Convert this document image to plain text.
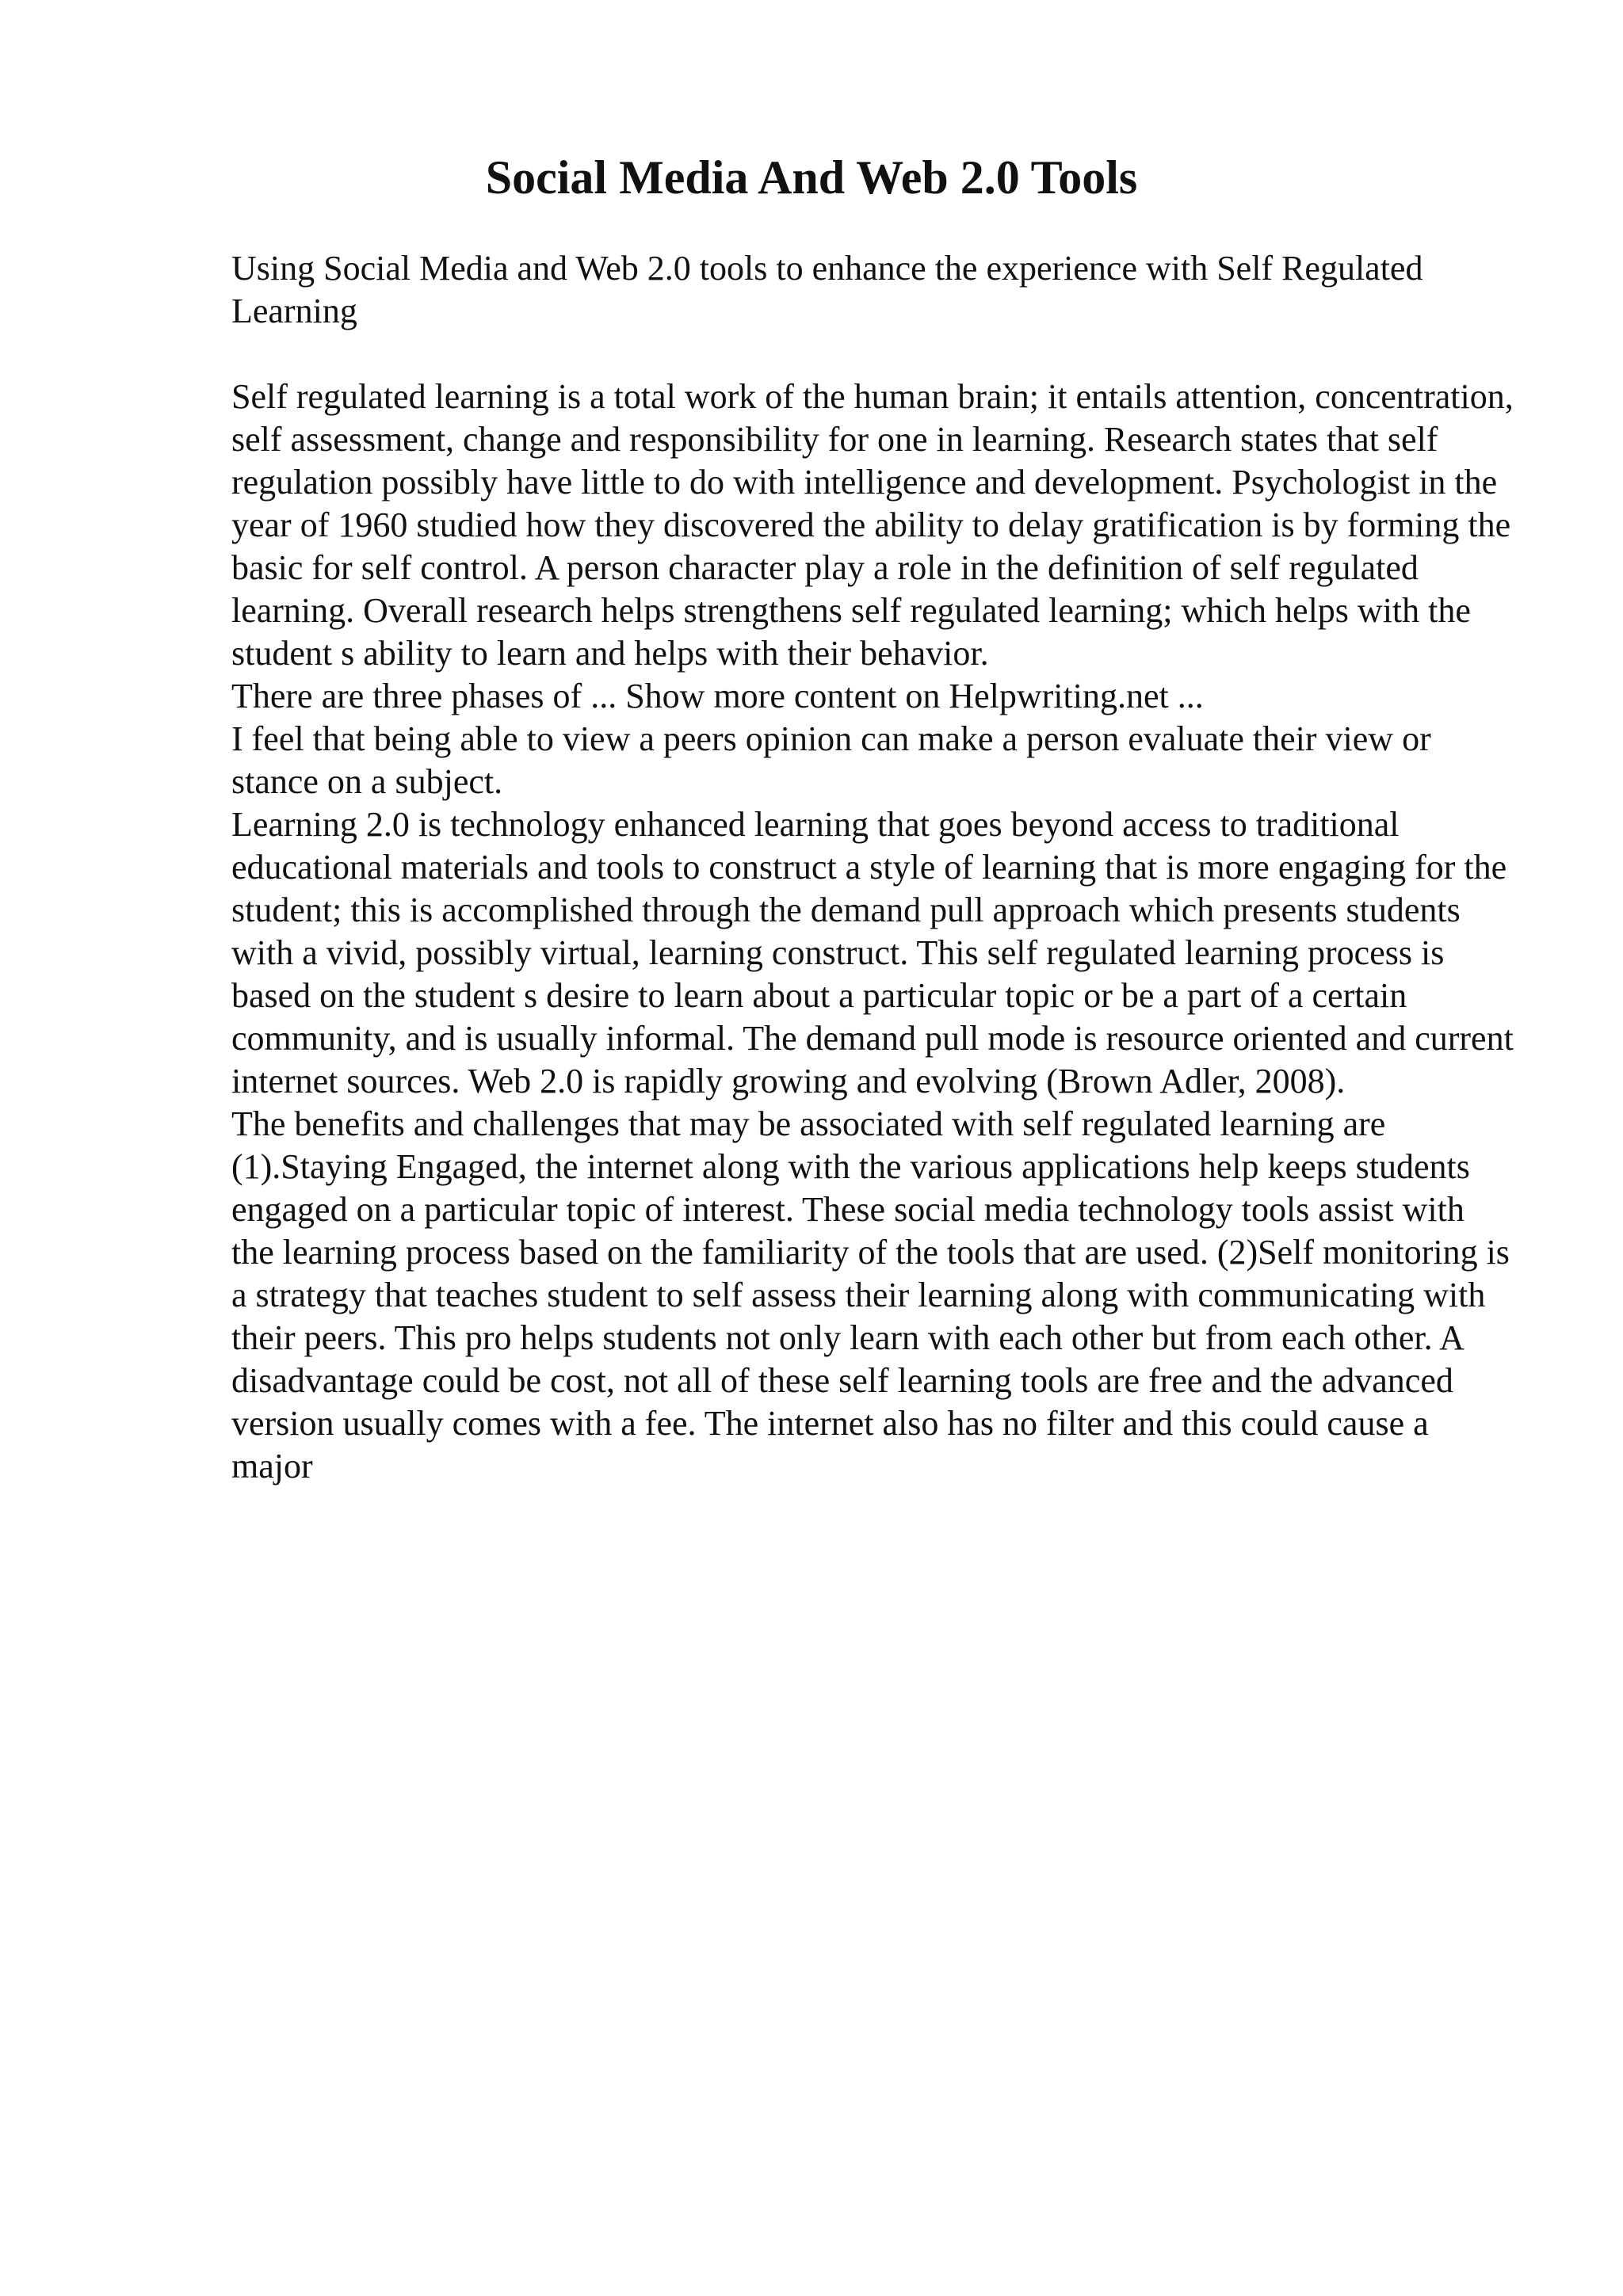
Social Media And Web 2.0 Tools

Using Social Media and Web 2.0 tools to enhance the experience with Self Regulated Learning

Self regulated learning is a total work of the human brain; it entails attention, concentration, self assessment, change and responsibility for one in learning. Research states that self regulation possibly have little to do with intelligence and development. Psychologist in the year of 1960 studied how they discovered the ability to delay gratification is by forming the basic for self control. A person character play a role in the definition of self regulated learning. Overall research helps strengthens self regulated learning; which helps with the student s ability to learn and helps with their behavior.

There are three phases of ... Show more content on Helpwriting.net ...

I feel that being able to view a peers opinion can make a person evaluate their view or stance on a subject.

Learning 2.0 is technology enhanced learning that goes beyond access to traditional educational materials and tools to construct a style of learning that is more engaging for the student; this is accomplished through the demand pull approach which presents students with a vivid, possibly virtual, learning construct. This self regulated learning process is based on the student s desire to learn about a particular topic or be a part of a certain community, and is usually informal. The demand pull mode is resource oriented and current internet sources. Web 2.0 is rapidly growing and evolving (Brown Adler, 2008).

The benefits and challenges that may be associated with self regulated learning are (1).Staying Engaged, the internet along with the various applications help keeps students engaged on a particular topic of interest. These social media technology tools assist with the learning process based on the familiarity of the tools that are used. (2)Self monitoring is a strategy that teaches student to self assess their learning along with communicating with their peers. This pro helps students not only learn with each other but from each other. A disadvantage could be cost, not all of these self learning tools are free and the advanced version usually comes with a fee. The internet also has no filter and this could cause a major
